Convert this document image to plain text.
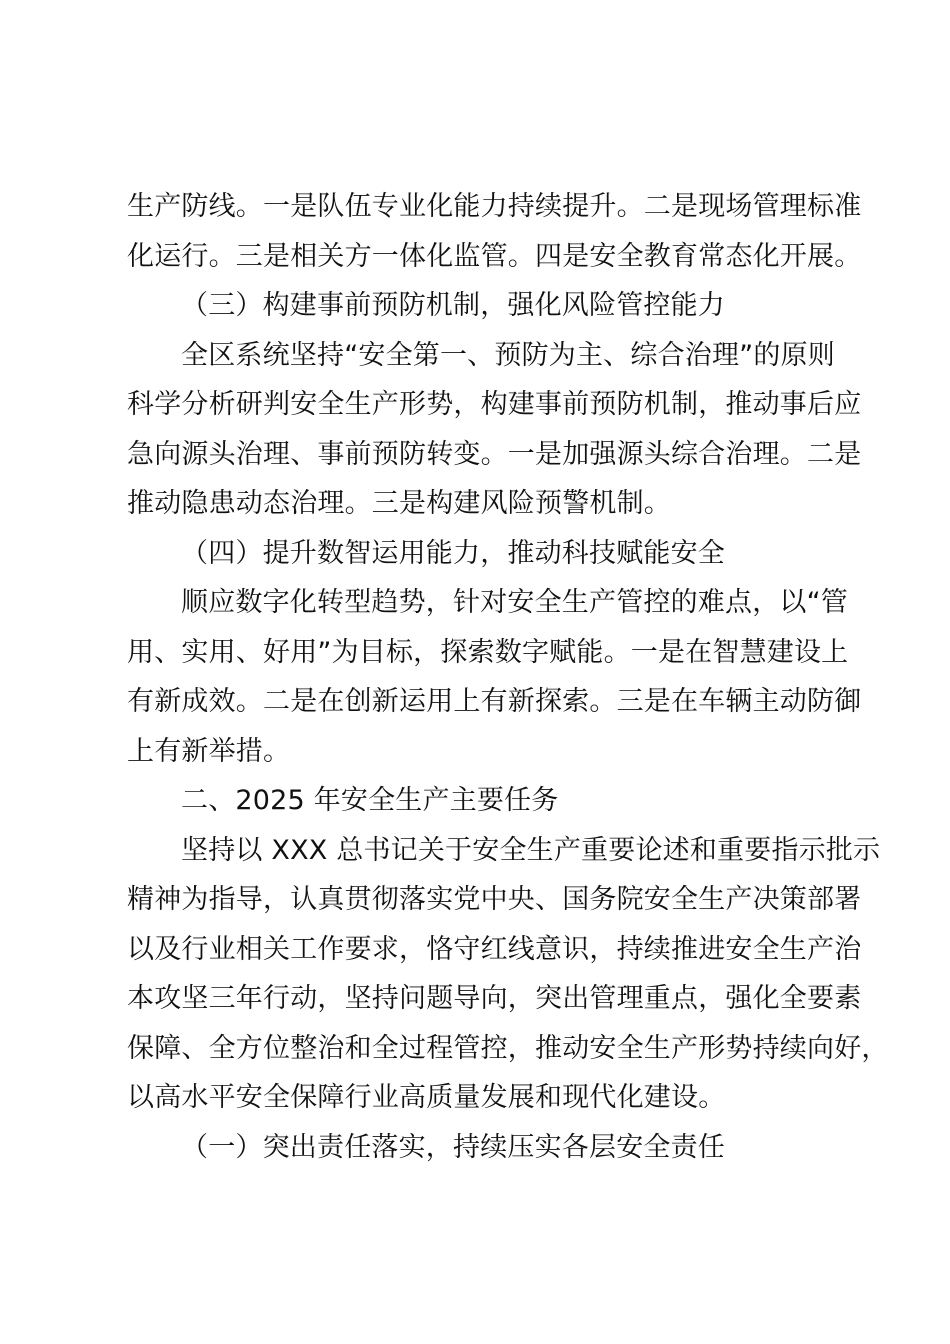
生产防线。一是队伍专业化能力持续提升。二是现场管理标准
化运行。三是相关方一体化监管。四是安全教育常态化开展。
（三）构建事前预防机制，强化风险管控能力
全区系统坚持“安全第一、预防为主、综合治理”的原则
科学分析研判安全生产形势，构建事前预防机制，推动事后应
急向源头治理、事前预防转变。一是加强源头综合治理。二是
推动隐患动态治理。三是构建风险预警机制。
（四）提升数智运用能力，推动科技赋能安全
顺应数字化转型趋势，针对安全生产管控的难点，以“管
用、实用、好用”为目标，探索数字赋能。一是在智慧建设上
有新成效。二是在创新运用上有新探索。三是在车辆主动防御
上有新举措。
二、2025 年安全生产主要任务
坚持以 XXX 总书记关于安全生产重要论述和重要指示批示
精神为指导，认真贯彻落实党中央、国务院安全生产决策部署
以及行业相关工作要求，恪守红线意识，持续推进安全生产治
本攻坚三年行动，坚持问题导向，突出管理重点，强化全要素
保障、全方位整治和全过程管控，推动安全生产形势持续向好，
以高水平安全保障行业高质量发展和现代化建设。
（一）突出责任落实，持续压实各层安全责任
